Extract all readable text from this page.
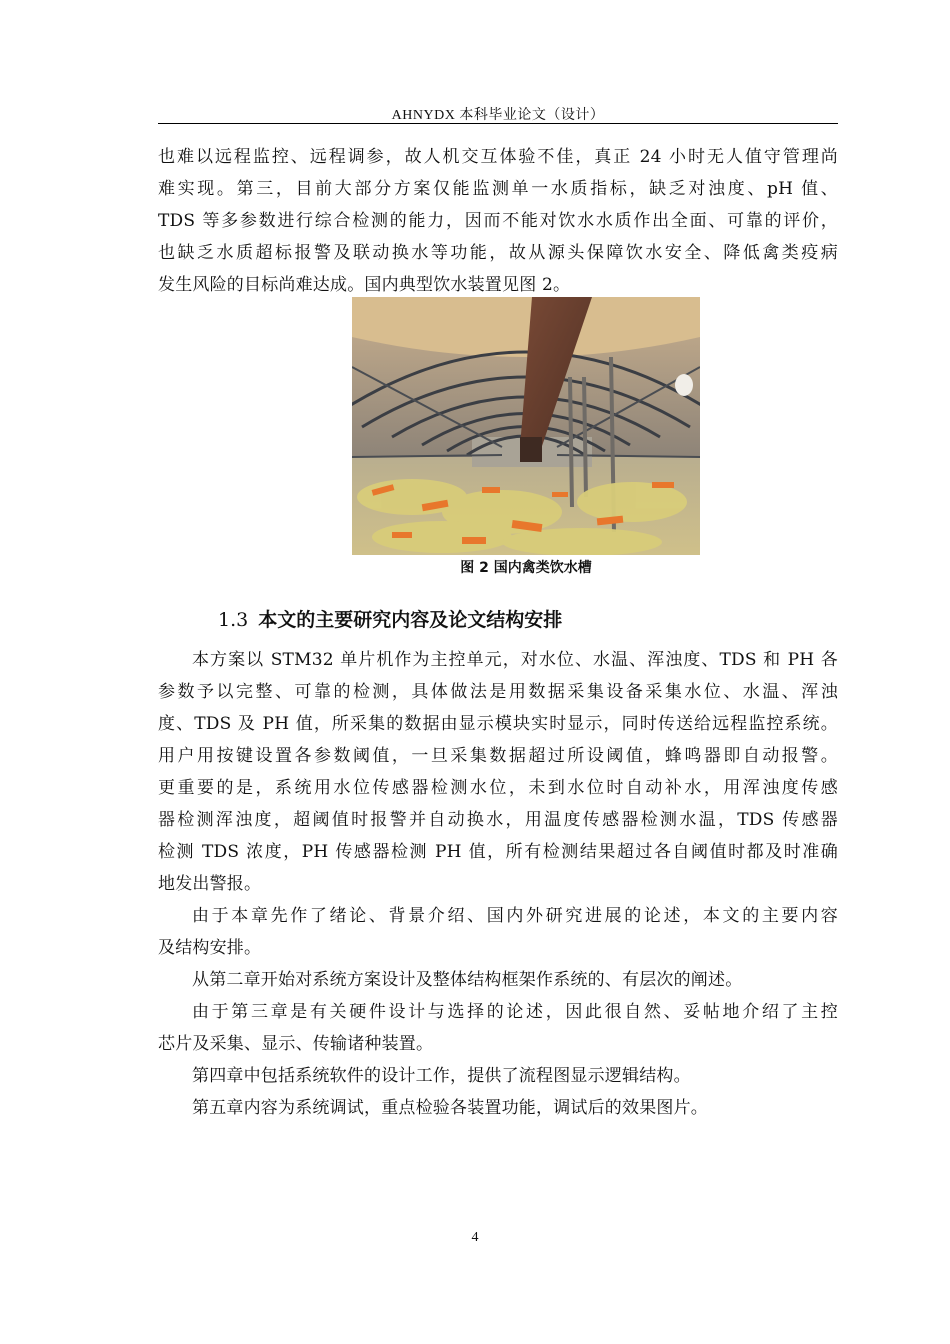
AHNYDX 本科毕业论文（设计）
也难以远程监控、远程调参，故人机交互体验不佳，真正 24 小时无人值守管理尚
难实现。第三，目前大部分方案仅能监测单一水质指标，缺乏对浊度、pH 值、
TDS 等多参数进行综合检测的能力，因而不能对饮水水质作出全面、可靠的评价，
也缺乏水质超标报警及联动换水等功能，故从源头保障饮水安全、降低禽类疫病
发生风险的目标尚难达成。国内典型饮水装置见图 2。
图 2 国内禽类饮水槽
1.3 本文的主要研究内容及论文结构安排
本方案以 STM32 单片机作为主控单元，对水位、水温、浑浊度、TDS 和 PH 各
参数予以完整、可靠的检测，具体做法是用数据采集设备采集水位、水温、浑浊
度、TDS 及 PH 值，所采集的数据由显示模块实时显示，同时传送给远程监控系统。
用户用按键设置各参数阈值，一旦采集数据超过所设阈值，蜂鸣器即自动报警。
更重要的是，系统用水位传感器检测水位，未到水位时自动补水，用浑浊度传感
器检测浑浊度，超阈值时报警并自动换水，用温度传感器检测水温，TDS 传感器
检测 TDS 浓度，PH 传感器检测 PH 值，所有检测结果超过各自阈值时都及时准确
地发出警报。
由于本章先作了绪论、背景介绍、国内外研究进展的论述，本文的主要内容
及结构安排。
从第二章开始对系统方案设计及整体结构框架作系统的、有层次的阐述。
由于第三章是有关硬件设计与选择的论述，因此很自然、妥帖地介绍了主控
芯片及采集、显示、传输诸种装置。
第四章中包括系统软件的设计工作，提供了流程图显示逻辑结构。
第五章内容为系统调试，重点检验各装置功能，调试后的效果图片。
4
